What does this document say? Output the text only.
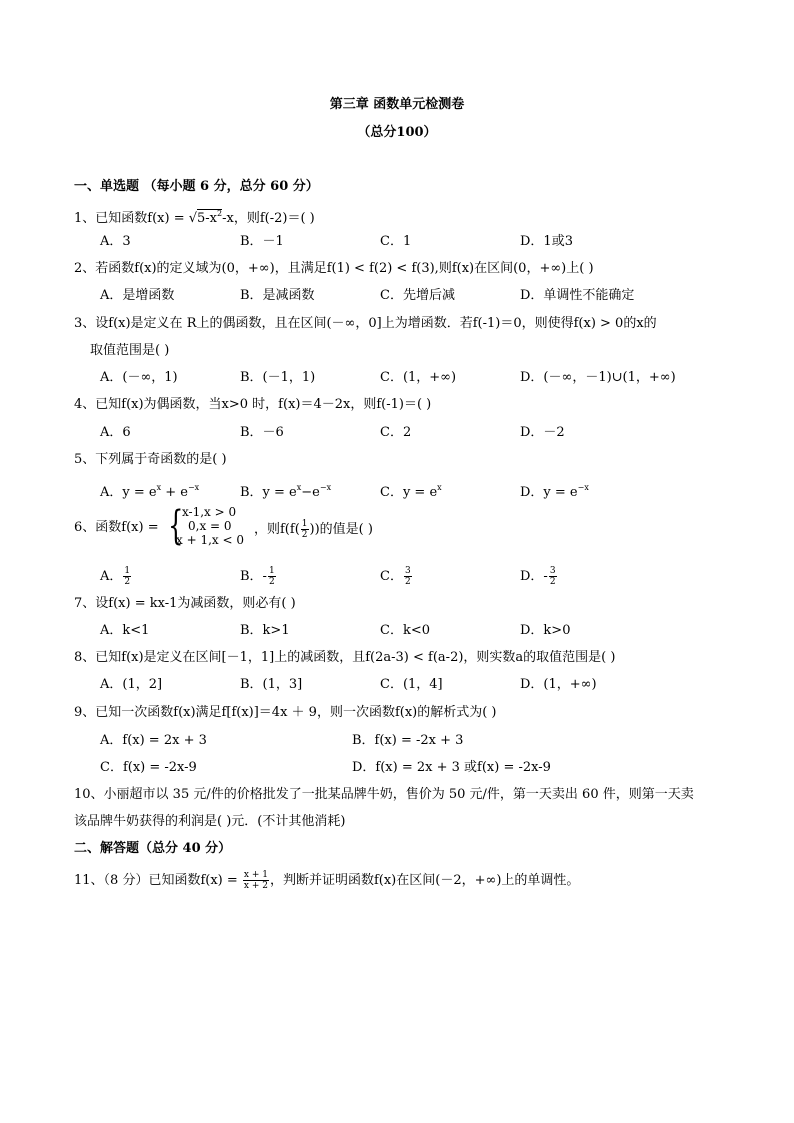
第三章 函数单元检测卷
（总分100）
一、单选题 （每小题 6 分，总分 60 分）
1、已知函数$f(x) = √5-x^2-x$，则f(-2)＝( )
A．3	B．－1	C．1	D．1或3
2、若函数f(x)的定义域为(0，+∞)，且满足f(1) < f(2) < f(3),则f(x)在区间(0，+∞)上( )
A．是增函数	B．是减函数	C．先增后减	D．单调性不能确定
3、设f(x)是定义在 R上的偶函数，且在区间(－∞，0]上为增函数．若f(-1)＝0，则使得f(x) > 0的x的
取值范围是( )
A．(－∞，1)	B．(－1，1)	C．(1，+∞)	D．(－∞，－1)∪(1，+∞)
4、已知f(x)为偶函数，当x>0 时，f(x)＝4－2x，则f(-1)＝( )
A．6	B．－6	C．2	D．－2
5、下列属于奇函数的是( )
A．$y = e^x + e^{-x}$	B．$y = e^x-e^{-x}$	C．$y = e^x$	D．$y = e^{-x}$
6、函数f(x) = {
x-1,x > 0
0,x = 0
x + 1,x < 0
，则$f(f( \frac{1}{2}$ ))的值是( )
A． $\frac{1}{2}$	B．- $\frac{1}{2}$	C． $\frac{3}{2}$	D．- $\frac{3}{2}$
7、设f(x) = kx-1为减函数，则必有( )
A．k<1	B．k>1	C．k<0	D．k>0
8、已知f(x)是定义在区间[－1，1]上的减函数，且f(2a-3) < f(a-2)，则实数a的取值范围是( )
A．(1，2]	B．(1，3]	C．(1，4]	D．(1，+∞)
9、已知一次函数f(x)满足f[f(x)]＝4x ＋ 9，则一次函数f(x)的解析式为( )
A．f(x) = 2x + 3	B．f(x) = -2x + 3
C．f(x) = -2x-9	D．f(x) = 2x + 3 或f(x) = -2x-9
10、小丽超市以 35 元/件的价格批发了一批某品牌牛奶，售价为 50 元/件，第一天卖出 60 件，则第一天卖
该品牌牛奶获得的利润是( )元．(不计其他消耗)
二、解答题（总分 40 分）
11、（8 分）已知函数$f(x) = \frac{x + 1}{x + 2}$ ，判断并证明函数f(x)在区间(－2，+∞)上的单调性。
